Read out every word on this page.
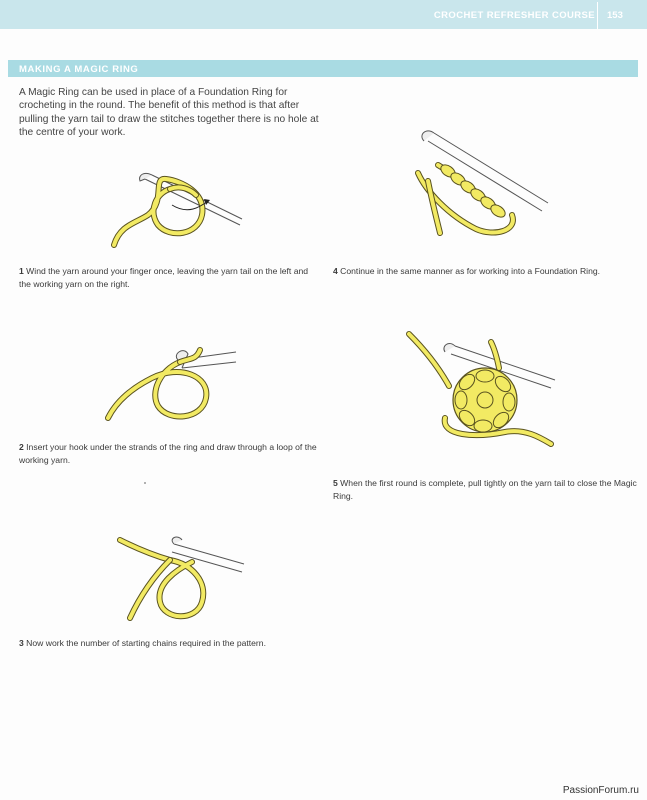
CROCHET REFRESHER COURSE 153
MAKING A MAGIC RING
A Magic Ring can be used in place of a Foundation Ring for crocheting in the round. The benefit of this method is that after pulling the yarn tail to draw the stitches together there is no hole at the centre of your work.
1 Wind the yarn around your finger once, leaving the yarn tail on the left and the working yarn on the right.
2 Insert your hook under the strands of the ring and draw through a loop of the working yarn.
3 Now work the number of starting chains required in the pattern.
4 Continue in the same manner as for working into a Foundation Ring.
5 When the first round is complete, pull tightly on the yarn tail to close the Magic Ring.
PassionForum.ru
